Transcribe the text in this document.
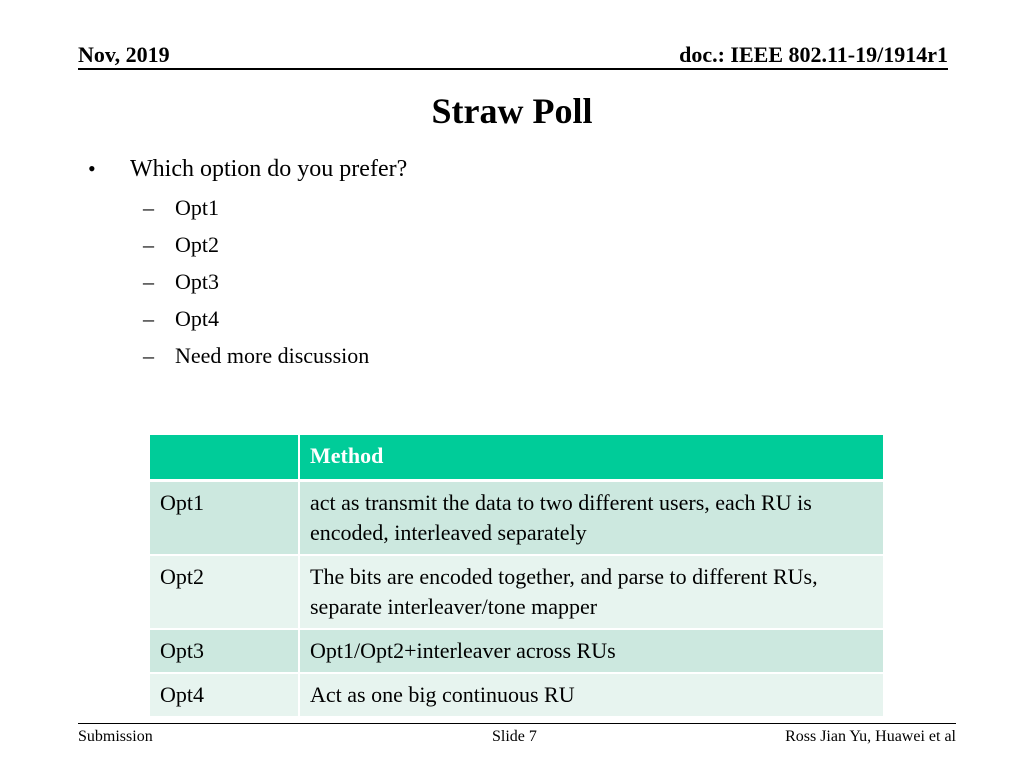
Nov, 2019	doc.: IEEE 802.11-19/1914r1
Straw Poll
•	Which option do you prefer?
– Opt1
– Opt2
– Opt3
– Opt4
– Need more discussion
	Method
Opt1	act as transmit the data to two different users, each RU is encoded, interleaved separately
Opt2	The bits are encoded together, and parse to different RUs, separate interleaver/tone mapper
Opt3	Opt1/Opt2+interleaver across RUs
Opt4	Act as one big continuous RU
Submission	Slide 7	Ross Jian Yu, Huawei et al
